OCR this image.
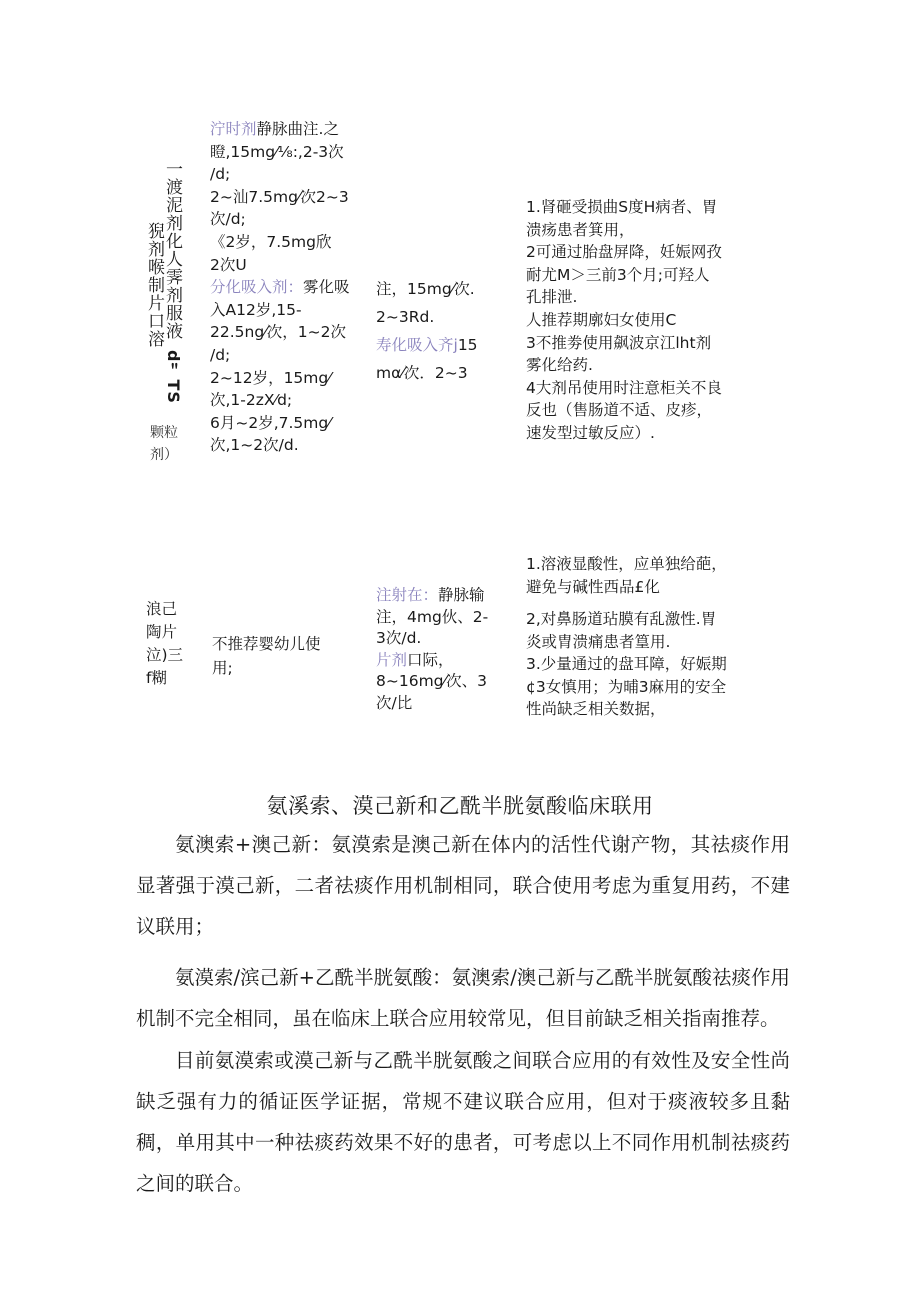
一渡泥剂化人霁剂服液
猊剂喉制片口溶
d＂TS
颗粒
剂）

泞时剂静脉曲注.之

瞪,15mg⁄⅛:,2-3次

/d;

2~汕7.5mg⁄次2~3

次/d;

《2岁，7.5mg欣

2次U

分化吸入剂：雾化吸

入A12岁,15-

22.5ng⁄次，1~2次

/d;

2~12岁，15mg⁄

次,1-2zX⁄d;

6月~2岁,7.5mg⁄

次,1~2次/d.

注，15mg⁄次.

2~3Rd.

寿化吸入齐j15

mα⁄次．2~3

1.肾砸受损曲S度H病者、胃

溃疡患者箕用，

2可通过胎盘屏降，妊娠网孜

耐尤M＞三前3个月;可羟人

孔排泄.

人推荐期廓妇女使用C

3不推劵使用飙波京江lht剂

雾化给药.

4大剂吊使用时注意柜关不良

反也（售肠道不适、皮疹，

速发型过敏反应）.

浪己

陶片

泣)三

f糊

不推荐婴幼儿使

用;

注射在：静脉输

注，4mg伙、2-

3次/d.

片剂口际，

8~16mg⁄次、3

次/比

1.溶液显酸性，应单独给葩，

避免与碱性西品£化

2,对鼻肠道玷膜有乱激性.胃

炎或胄溃痛患者篁用.

3.少量通过的盘耳障，好娠期

¢3女慎用；为晡3麻用的安全

性尚缺乏相关数据，

氨溪索、漠己新和乙酰半胱氨酸临床联用

氨澳索+澳己新：氨漠索是澳己新在体内的活性代谢产物，其祛痰作用显著强于漠己新，二者祛痰作用机制相同，联合使用考虑为重复用药，不建议联用；

氨漠索/滨己新+乙酰半胱氨酸：氨澳索/澳己新与乙酰半胱氨酸祛痰作用机制不完全相同，虽在临床上联合应用较常见，但目前缺乏相关指南推荐。

目前氨漠索或漠己新与乙酰半胱氨酸之间联合应用的有效性及安全性尚缺乏强有力的循证医学证据，常规不建议联合应用，但对于痰液较多且黏稠，单用其中一种祛痰药效果不好的患者，可考虑以上不同作用机制祛痰药之间的联合。
